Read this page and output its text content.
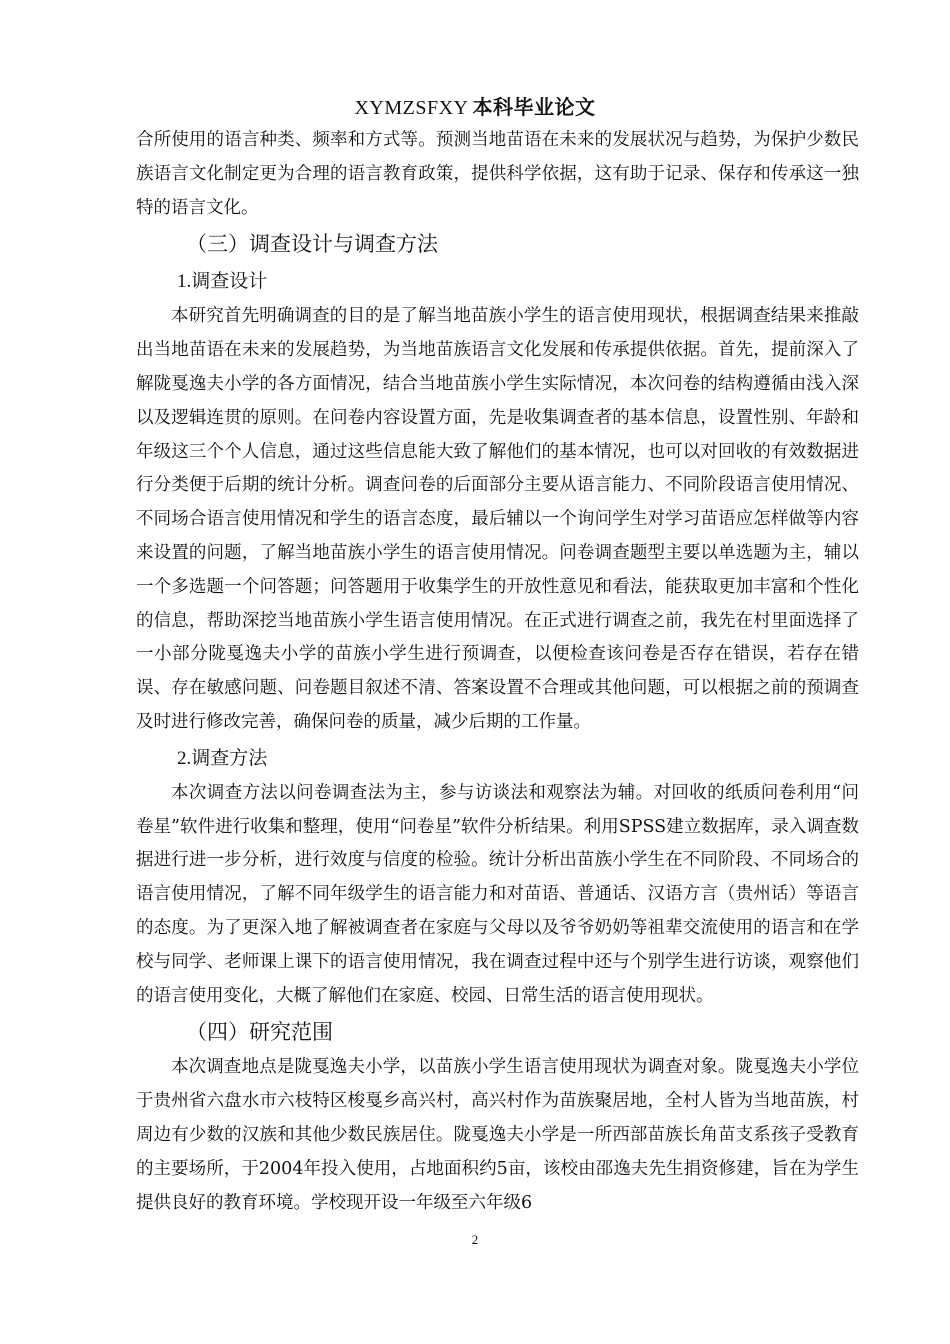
XYMZSFXY 本科毕业论文

合所使用的语言种类、频率和方式等。预测当地苗语在未来的发展状况与趋势，为保护少数民族语言文化制定更为合理的语言教育政策，提供科学依据，这有助于记录、保存和传承这一独特的语言文化。

（三）调查设计与调查方法
1.调查设计

本研究首先明确调查的目的是了解当地苗族小学生的语言使用现状，根据调查结果来推敲出当地苗语在未来的发展趋势，为当地苗族语言文化发展和传承提供依据。首先，提前深入了解陇戛逸夫小学的各方面情况，结合当地苗族小学生实际情况，本次问卷的结构遵循由浅入深以及逻辑连贯的原则。在问卷内容设置方面，先是收集调查者的基本信息，设置性别、年龄和年级这三个个人信息，通过这些信息能大致了解他们的基本情况，也可以对回收的有效数据进行分类便于后期的统计分析。调查问卷的后面部分主要从语言能力、不同阶段语言使用情况、不同场合语言使用情况和学生的语言态度，最后辅以一个询问学生对学习苗语应怎样做等内容来设置的问题，了解当地苗族小学生的语言使用情况。问卷调查题型主要以单选题为主，辅以一个多选题一个问答题；问答题用于收集学生的开放性意见和看法，能获取更加丰富和个性化的信息，帮助深挖当地苗族小学生语言使用情况。在正式进行调查之前，我先在村里面选择了一小部分陇戛逸夫小学的苗族小学生进行预调查，以便检查该问卷是否存在错误，若存在错误、存在敏感问题、问卷题目叙述不清、答案设置不合理或其他问题，可以根据之前的预调查及时进行修改完善，确保问卷的质量，减少后期的工作量。

2.调查方法

本次调查方法以问卷调查法为主，参与访谈法和观察法为辅。对回收的纸质问卷利用“问卷星”软件进行收集和整理，使用“问卷星”软件分析结果。利用SPSS建立数据库，录入调查数据进行进一步分析，进行效度与信度的检验。统计分析出苗族小学生在不同阶段、不同场合的语言使用情况，了解不同年级学生的语言能力和对苗语、普通话、汉语方言（贵州话）等语言的态度。为了更深入地了解被调查者在家庭与父母以及爷爷奶奶等祖辈交流使用的语言和在学校与同学、老师课上课下的语言使用情况，我在调查过程中还与个别学生进行访谈，观察他们的语言使用变化，大概了解他们在家庭、校园、日常生活的语言使用现状。

（四）研究范围

本次调查地点是陇戛逸夫小学，以苗族小学生语言使用现状为调查对象。陇戛逸夫小学位于贵州省六盘水市六枝特区梭戛乡高兴村，高兴村作为苗族聚居地，全村人皆为当地苗族，村周边有少数的汉族和其他少数民族居住。陇戛逸夫小学是一所西部苗族长角苗支系孩子受教育的主要场所，于2004年投入使用，占地面积约5亩，该校由邵逸夫先生捐资修建，旨在为学生提供良好的教育环境。学校现开设一年级至六年级6

2
